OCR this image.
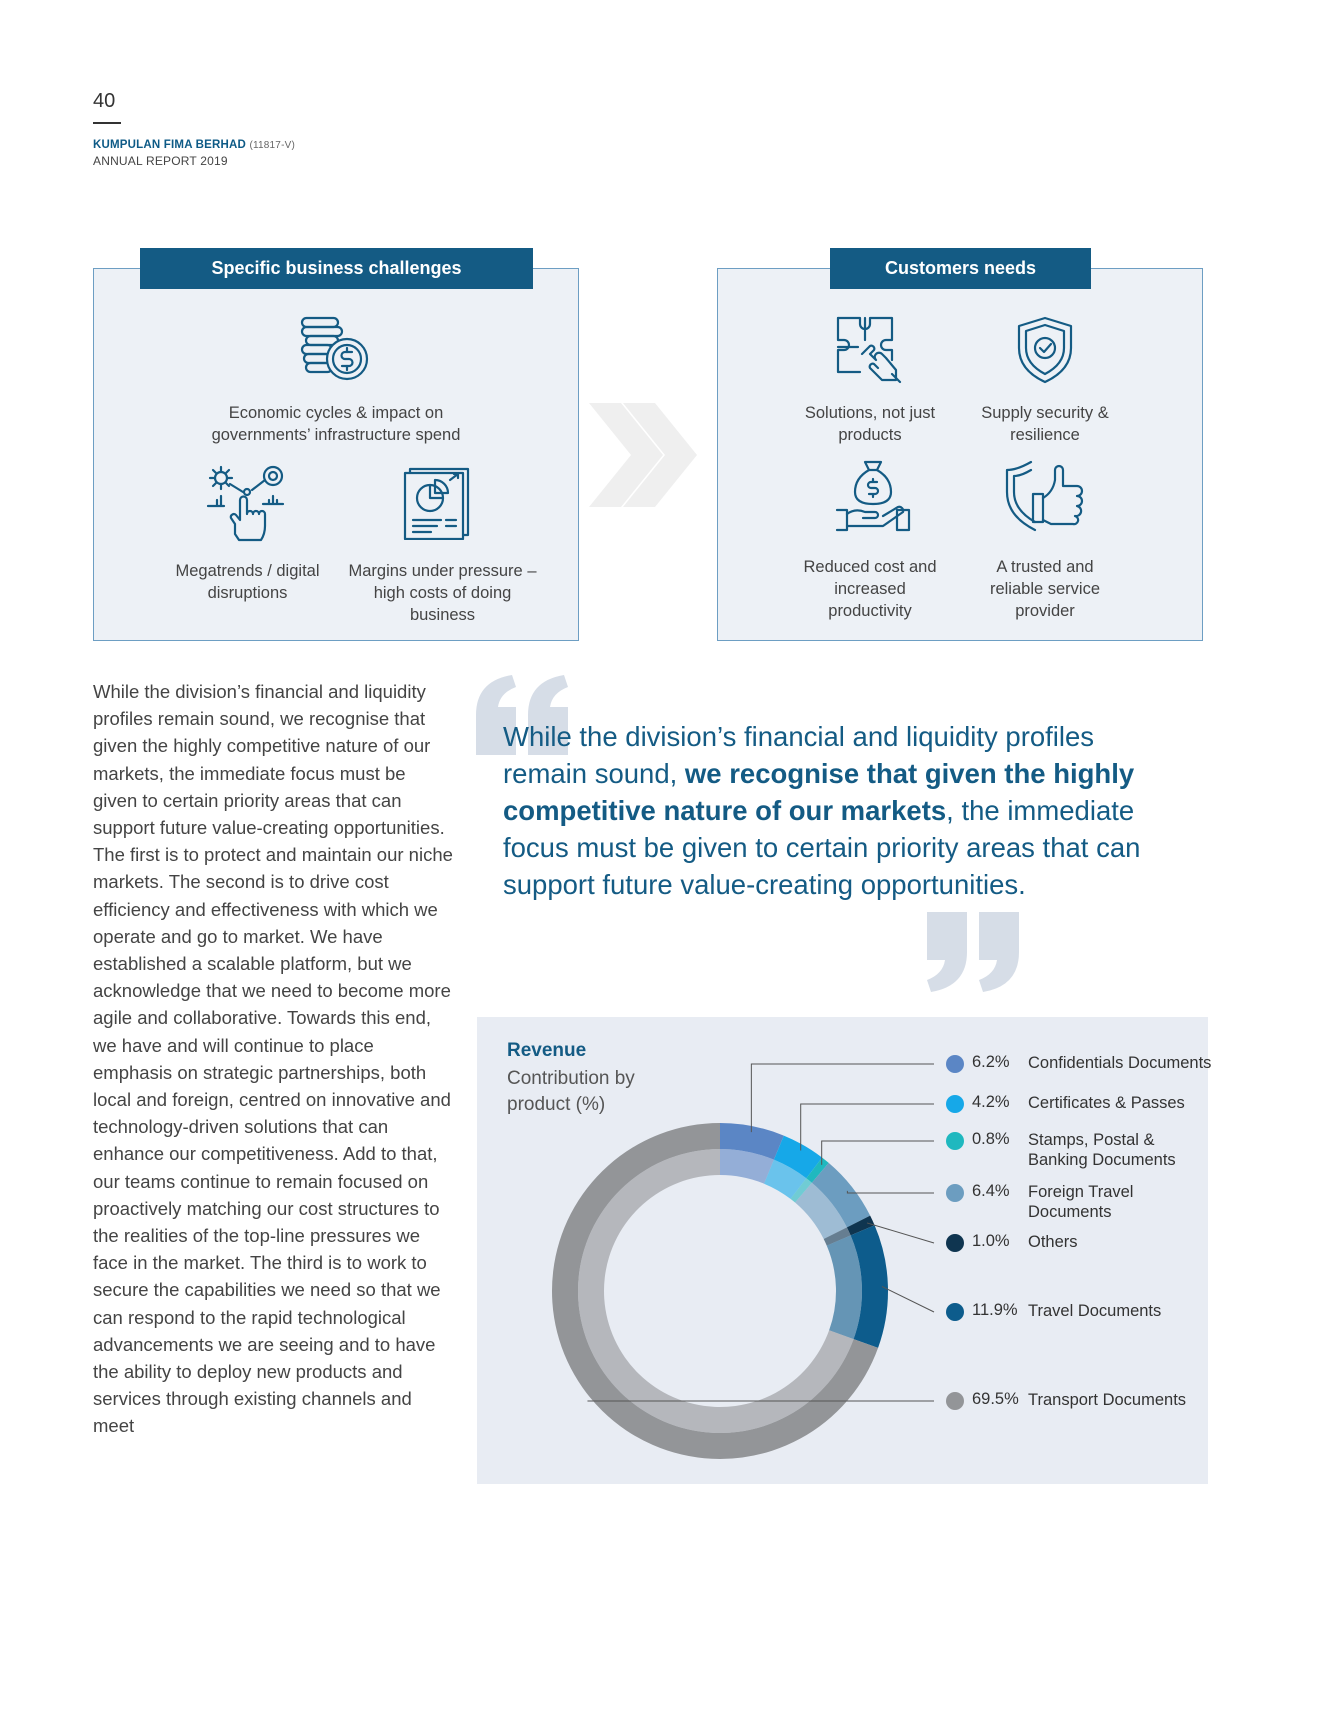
40
KUMPULAN FIMA BERHAD (11817-V)
ANNUAL REPORT 2019
Specific business challenges
Economic cycles & impact on governments’ infrastructure spend
Megatrends / digital disruptions
Margins under pressure – high costs of doing business
Customers needs
Solutions, not just products
Supply security & resilience
Reduced cost and increased productivity
A trusted and reliable service provider
While the division’s financial and liquidity profiles remain sound, we recognise that given the highly competitive nature of our markets, the immediate focus must be given to certain priority areas that can support future value-creating opportunities. The first is to protect and maintain our niche markets. The second is to drive cost efficiency and effectiveness with which we operate and go to market. We have established a scalable platform, but we acknowledge that we need to become more agile and collaborative. Towards this end, we have and will continue to place emphasis on strategic partnerships, both local and foreign, centred on innovative and technology-driven solutions that can enhance our competitiveness. Add to that, our teams continue to remain focused on proactively matching our cost structures to the realities of the top-line pressures we face in the market. The third is to work to secure the capabilities we need so that we can respond to the rapid technological advancements we are seeing and to have the ability to deploy new products and services through existing channels and meet
While the division’s financial and liquidity profiles remain sound, we recognise that given the highly competitive nature of our markets, the immediate focus must be given to certain priority areas that can support future value-creating opportunities.
Revenue
Contribution by product (%)
6.2% Confidentials Documents
4.2% Certificates & Passes
0.8% Stamps, Postal & Banking Documents
6.4% Foreign Travel Documents
1.0% Others
11.9% Travel Documents
69.5% Transport Documents
